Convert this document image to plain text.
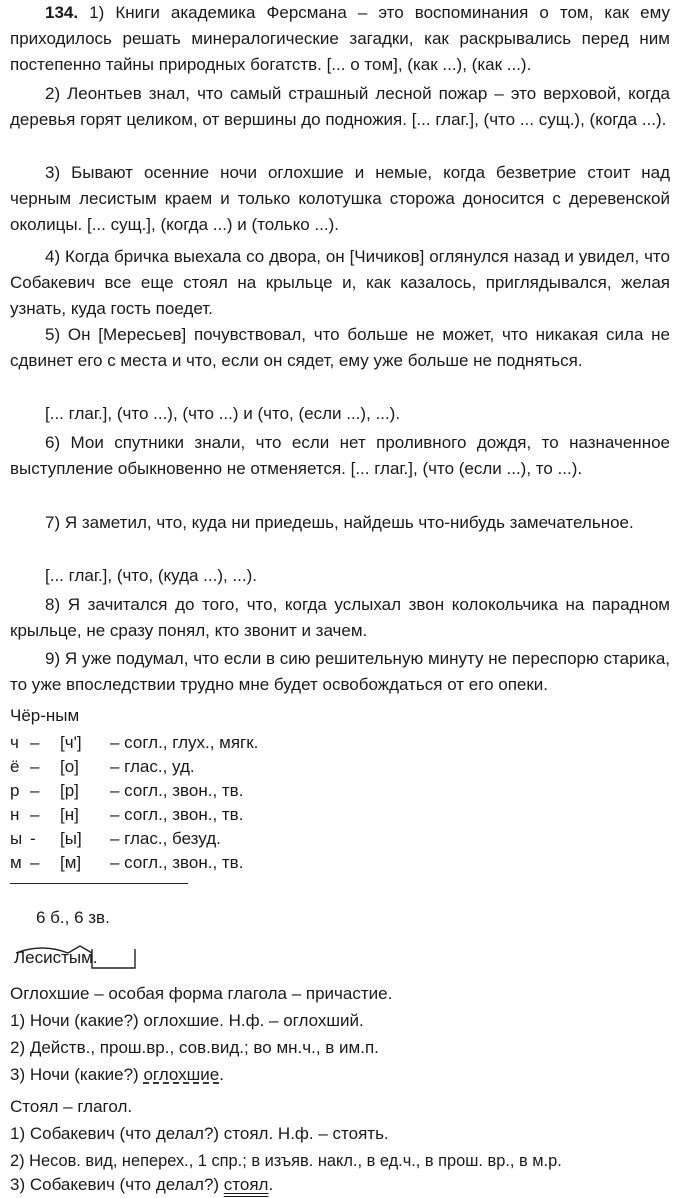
134. 1) Книги академика Ферсмана – это воспоминания о том, как ему приходилось решать минералогические загадки, как раскрывались перед ним постепенно тайны природных богатств. [... о том], (как ...), (как ...).

2) Леонтьев знал, что самый страшный лесной пожар – это верховой, когда деревья горят целиком, от вершины до подножия. [... глаг.], (что ... сущ.), (когда ...).

3) Бывают осенние ночи оглохшие и немые, когда безветрие стоит над черным лесистым краем и только колотушка сторожа доносится с деревенской околицы. [... сущ.], (когда ...) и (только ...).

4) Когда бричка выехала со двора, он [Чичиков] оглянулся назад и увидел, что Собакевич все еще стоял на крыльце и, как казалось, приглядывался, желая узнать, куда гость поедет.

5) Он [Мересьев] почувствовал, что больше не может, что никакая сила не сдвинет его с места и что, если он сядет, ему уже больше не подняться.

[... глаг.], (что ...), (что ...) и (что, (если ...), ...).

6) Мои спутники знали, что если нет проливного дождя, то назначенное выступление обыкновенно не отменяется. [... глаг.], (что (если ...), то ...).

7) Я заметил, что, куда ни приедешь, найдешь что-нибудь замечательное.

[... глаг.], (что, (куда ...), ...).

8) Я зачитался до того, что, когда услыхал звон колокольчика на парадном крыльце, не сразу понял, кто звонит и зачем.

9) Я уже подумал, что если в сию решительную минуту не переспорю старика, то уже впоследствии трудно мне будет освобождаться от его опеки.

Чёр-ным
ч – [ч'] – согл., глух., мягк.
ё – [о] – глас., уд.
р – [р] – согл., звон., тв.
н – [н] – согл., звон., тв.
ы - [ы] – глас., безуд.
м – [м] – согл., звон., тв.
6 б., 6 зв.
Лесистым.
Оглохшие – особая форма глагола – причастие.
1) Ночи (какие?) оглохшие. Н.ф. – оглохший.
2) Действ., прош.вр., сов.вид.; во мн.ч., в им.п.
3) Ночи (какие?) оглохшие.
Стоял – глагол.
1) Собакевич (что делал?) стоял. Н.ф. – стоять.
2) Несов. вид, неперех., 1 спр.; в изъяв. накл., в ед.ч., в прош. вр., в м.р.
3) Собакевич (что делал?) стоял.
